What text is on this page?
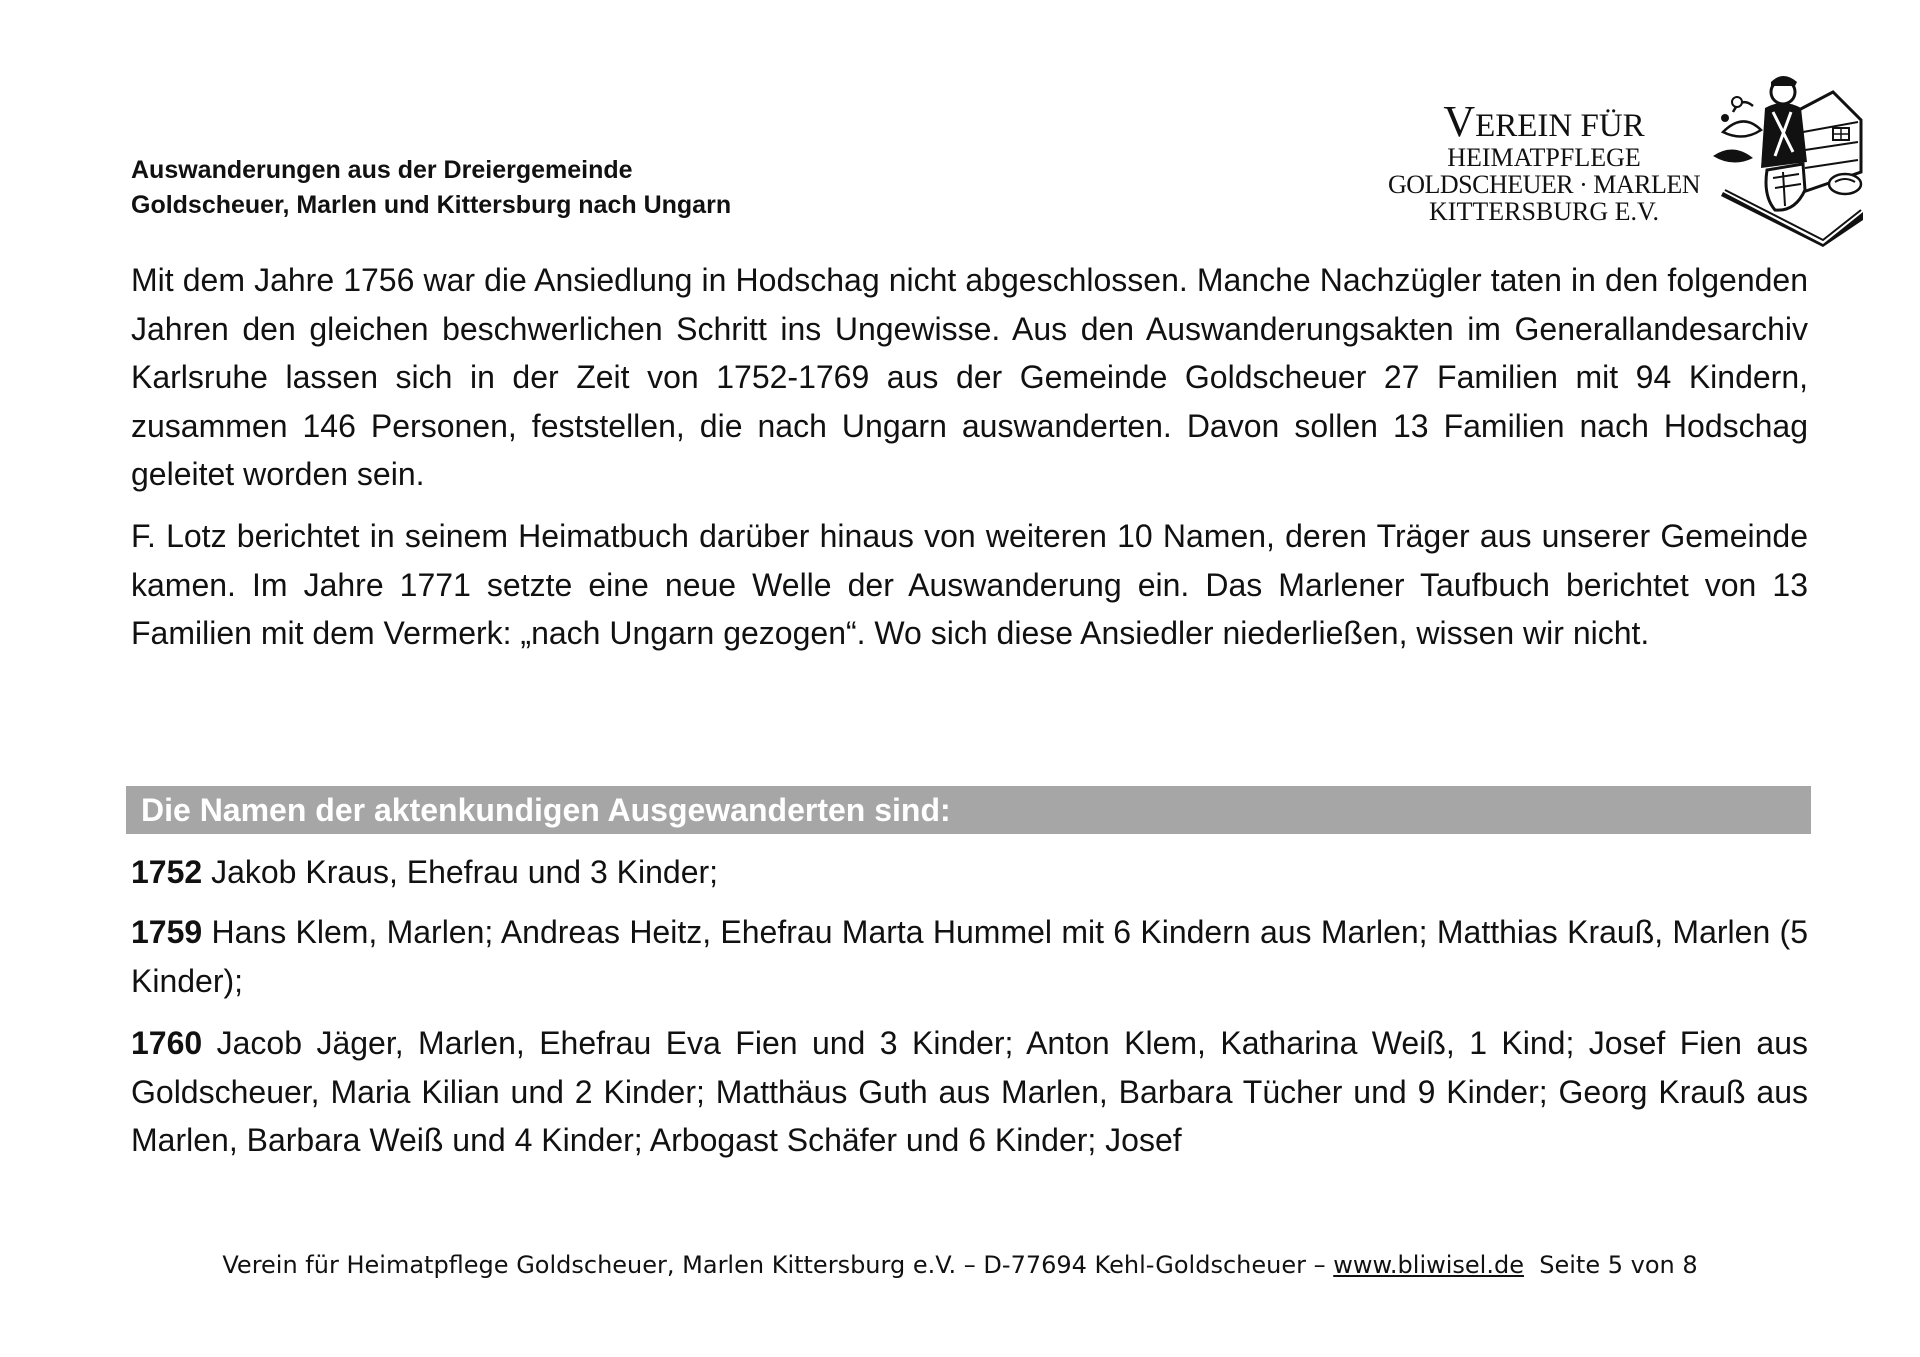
Auswanderungen aus der Dreiergemeinde
Goldscheuer, Marlen und Kittersburg nach Ungarn
VEREIN FÜR
HEIMATPFLEGE
GOLDSCHEUER · MARLEN
KITTERSBURG E.V.

Mit dem Jahre 1756 war die Ansiedlung in Hodschag nicht abgeschlossen. Manche Nachzügler taten in den folgenden Jahren den gleichen beschwerlichen Schritt ins Ungewisse. Aus den Auswanderungsakten im Generallandesarchiv Karlsruhe lassen sich in der Zeit von 1752-1769 aus der Gemeinde Goldscheuer 27 Familien mit 94 Kindern, zusammen 146 Personen, feststellen, die nach Ungarn auswanderten. Davon sollen 13 Familien nach Hodschag geleitet worden sein.

F. Lotz berichtet in seinem Heimatbuch darüber hinaus von weiteren 10 Namen, deren Träger aus unserer Gemeinde kamen. Im Jahre 1771 setzte eine neue Welle der Auswanderung ein. Das Marlener Taufbuch berichtet von 13 Familien mit dem Vermerk: „nach Ungarn gezogen“. Wo sich diese Ansiedler niederließen, wissen wir nicht.

Die Namen der aktenkundigen Ausgewanderten sind:
1752 Jakob Kraus, Ehefrau und 3 Kinder;
1759 Hans Klem, Marlen; Andreas Heitz, Ehefrau Marta Hummel mit 6 Kindern aus Marlen; Matthias Krauß, Marlen (5 Kinder);
1760 Jacob Jäger, Marlen, Ehefrau Eva Fien und 3 Kinder; Anton Klem, Katharina Weiß, 1 Kind; Josef Fien aus Goldscheuer, Maria Kilian und 2 Kinder; Matthäus Guth aus Marlen, Barbara Tücher und 9 Kinder; Georg Krauß aus Marlen, Barbara Weiß und 4 Kinder; Arbogast Schäfer und 6 Kinder; Josef
Verein für Heimatpflege Goldscheuer, Marlen Kittersburg e.V. – D-77694 Kehl-Goldscheuer – www.bliwisel.de  Seite 5 von 8
